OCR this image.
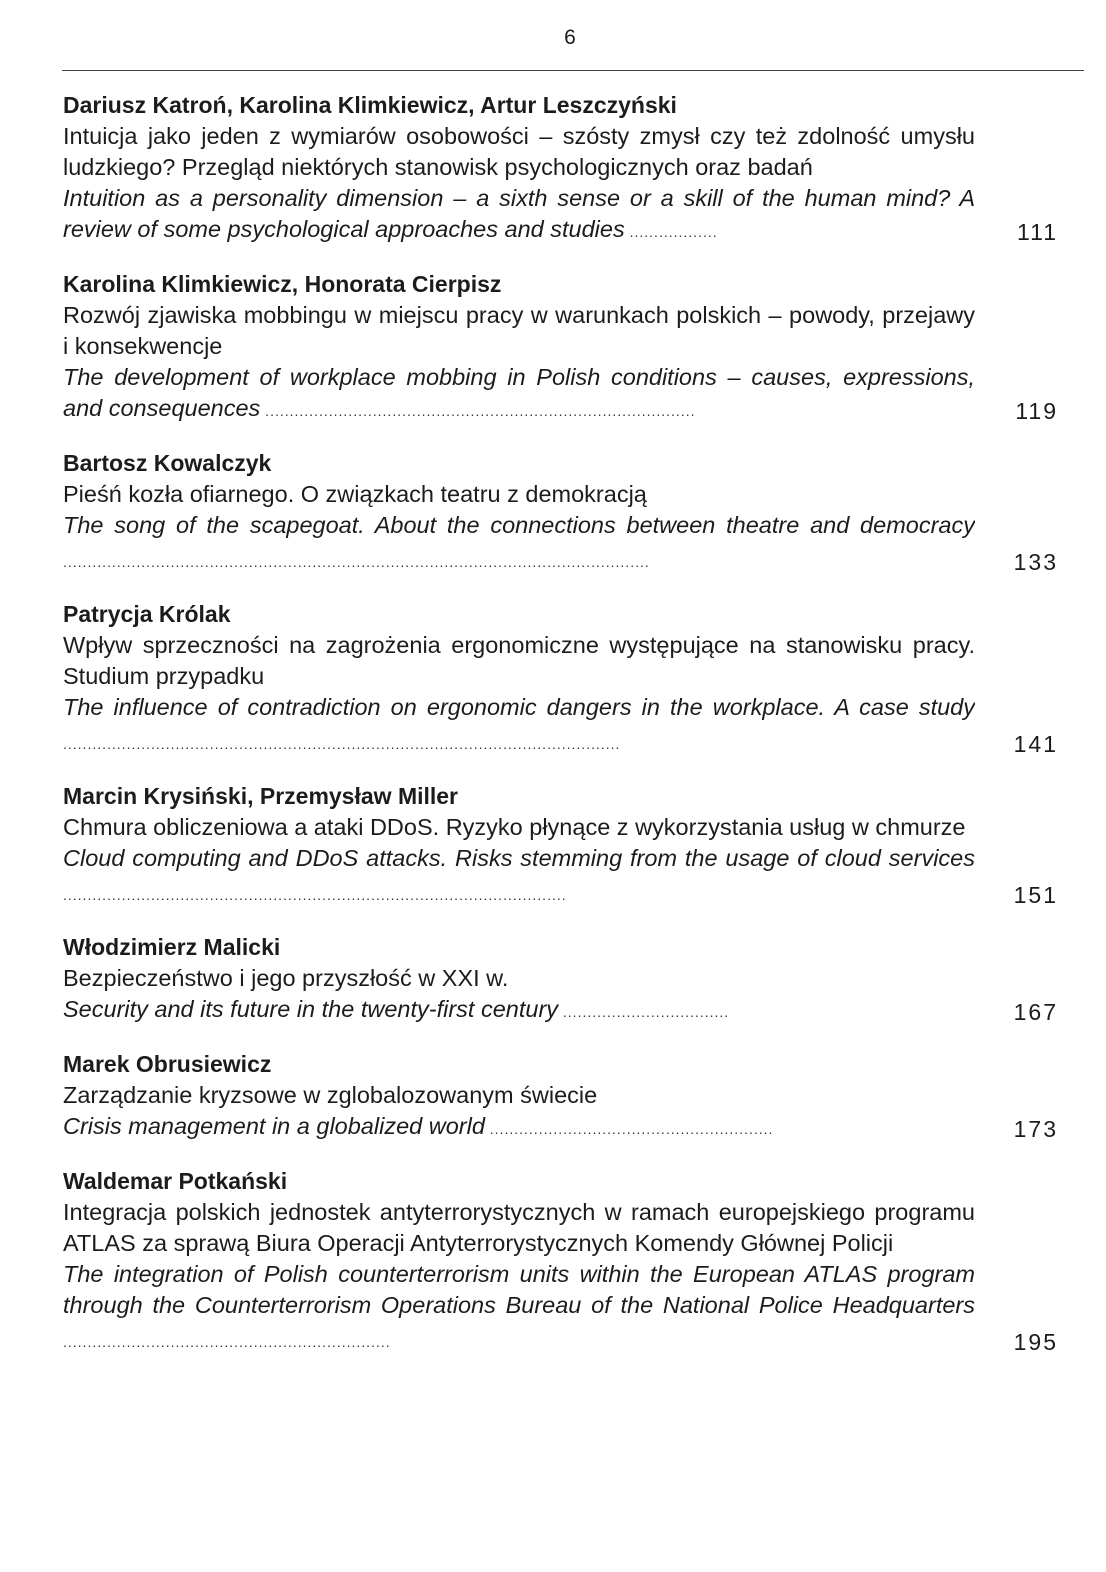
6
Dariusz Katroń, Karolina Klimkiewicz, Artur Leszczyński
Intuicja jako jeden z wymiarów osobowości – szósty zmysł czy też zdolność umysłu ludzkiego? Przegląd niektórych stanowisk psychologicznych oraz badań
Intuition as a personality dimension – a sixth sense or a skill of the human mind? A review of some psychological approaches and studies ..................	111
Karolina Klimkiewicz, Honorata Cierpisz
Rozwój zjawiska mobbingu w miejscu pracy w warunkach polskich – powody, przejawy i konsekwencje
The development of workplace mobbing in Polish conditions – causes, expressions, and consequences ........................................................................................	119
Bartosz Kowalczyk
Pieśń kozła ofiarnego. O związkach teatru z demokracją
The song of the scapegoat. About the connections between theatre and democracy ........................................................................................................................	133
Patrycja Królak
Wpływ sprzeczności na zagrożenia ergonomiczne występujące na stanowisku pracy. Studium przypadku
The influence of contradiction on ergonomic dangers in the workplace. A case study ..................................................................................................................	141
Marcin Krysiński, Przemysław Miller
Chmura obliczeniowa a ataki DDoS. Ryzyko płynące z wykorzystania usług w chmurze
Cloud computing and DDoS attacks. Risks stemming from the usage of cloud services .......................................................................................................	151
Włodzimierz Malicki
Bezpieczeństwo i jego przyszłość w XXI w.
Security and its future in the twenty-first century ..................................	167
Marek Obrusiewicz
Zarządzanie kryzsowe w zglobalozowanym świecie
Crisis management in a globalized world ..........................................................	173
Waldemar Potkański
Integracja polskich jednostek antyterrorystycznych w ramach europejskiego programu ATLAS za sprawą Biura Operacji Antyterrorystycznych Komendy Głównej Policji
The integration of Polish counterterrorism units within the European ATLAS program through the Counterterrorism Operations Bureau of the National Police Headquarters ...................................................................	195
